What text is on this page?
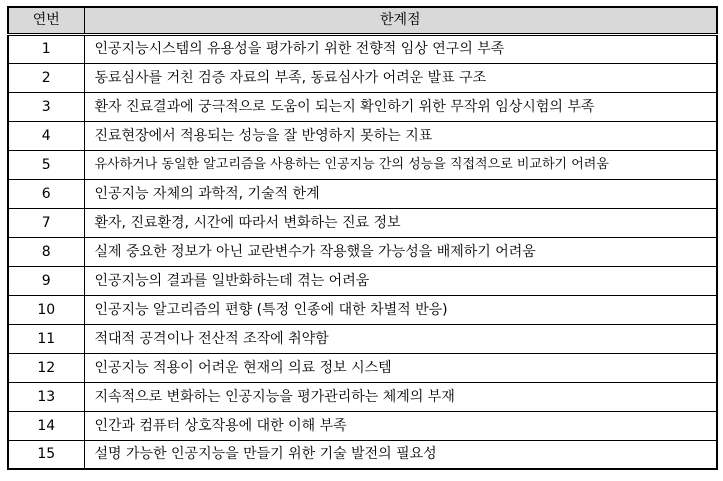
연번	한계점
1	인공지능시스템의 유용성을 평가하기 위한 전향적 임상 연구의 부족
2	동료심사를 거친 검증 자료의 부족, 동료심사가 어려운 발표 구조
3	환자 진료결과에 궁극적으로 도움이 되는지 확인하기 위한 무작위 임상시험의 부족
4	진료현장에서 적용되는 성능을 잘 반영하지 못하는 지표
5	유사하거나 동일한 알고리즘을 사용하는 인공지능 간의 성능을 직접적으로 비교하기 어려움
6	인공지능 자체의 과학적, 기술적 한계
7	환자, 진료환경, 시간에 따라서 변화하는 진료 정보
8	실제 중요한 정보가 아닌 교란변수가 작용했을 가능성을 배제하기 어려움
9	인공지능의 결과를 일반화하는데 겪는 어려움
10	인공지능 알고리즘의 편향 (특정 인종에 대한 차별적 반응)
11	적대적 공격이나 전산적 조작에 취약함
12	인공지능 적용이 어려운 현재의 의료 정보 시스템
13	지속적으로 변화하는 인공지능을 평가관리하는 체계의 부재
14	인간과 컴퓨터 상호작용에 대한 이해 부족
15	설명 가능한 인공지능을 만들기 위한 기술 발전의 필요성
